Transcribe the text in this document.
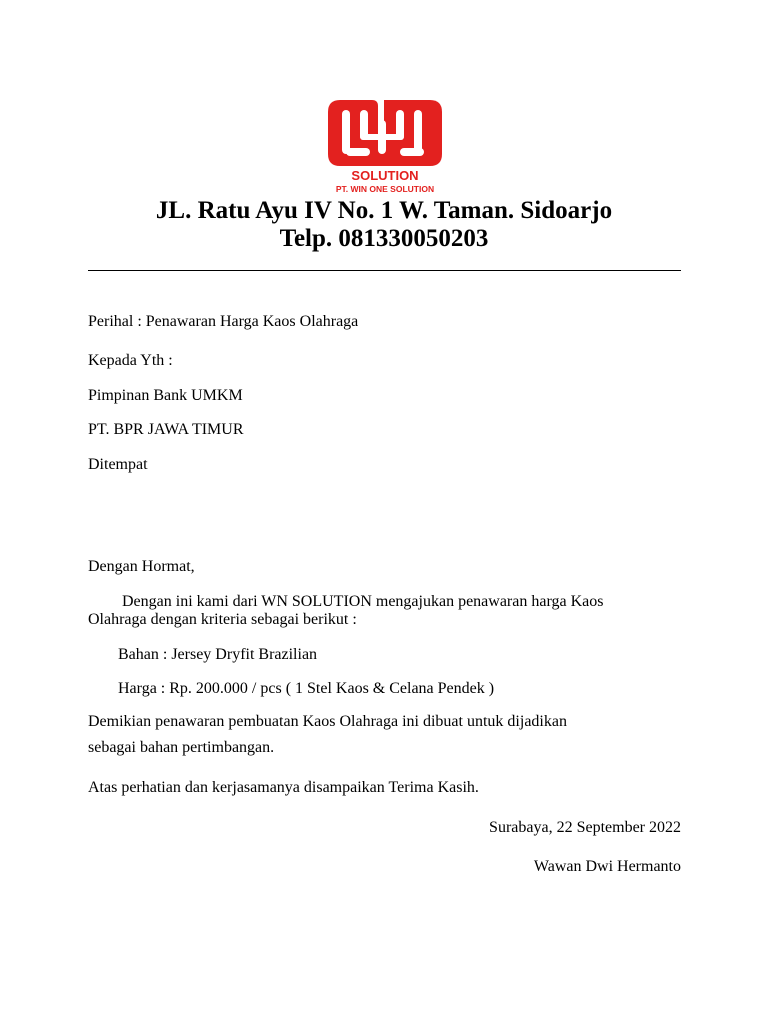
SOLUTION
PT. WIN ONE SOLUTION
JL. Ratu Ayu IV No. 1 W. Taman. Sidoarjo
Telp. 081330050203
Perihal : Penawaran Harga Kaos Olahraga
Kepada Yth :
Pimpinan Bank UMKM
PT. BPR JAWA TIMUR
Ditempat
Dengan Hormat,
Dengan ini kami dari WN SOLUTION mengajukan penawaran harga Kaos
Olahraga dengan kriteria sebagai berikut :
Bahan : Jersey Dryfit Brazilian
Harga : Rp. 200.000 / pcs ( 1 Stel Kaos & Celana Pendek )
Demikian penawaran pembuatan Kaos Olahraga ini dibuat untuk dijadikan
sebagai bahan pertimbangan.
Atas perhatian dan kerjasamanya disampaikan Terima Kasih.
Surabaya, 22 September 2022
Wawan Dwi Hermanto
